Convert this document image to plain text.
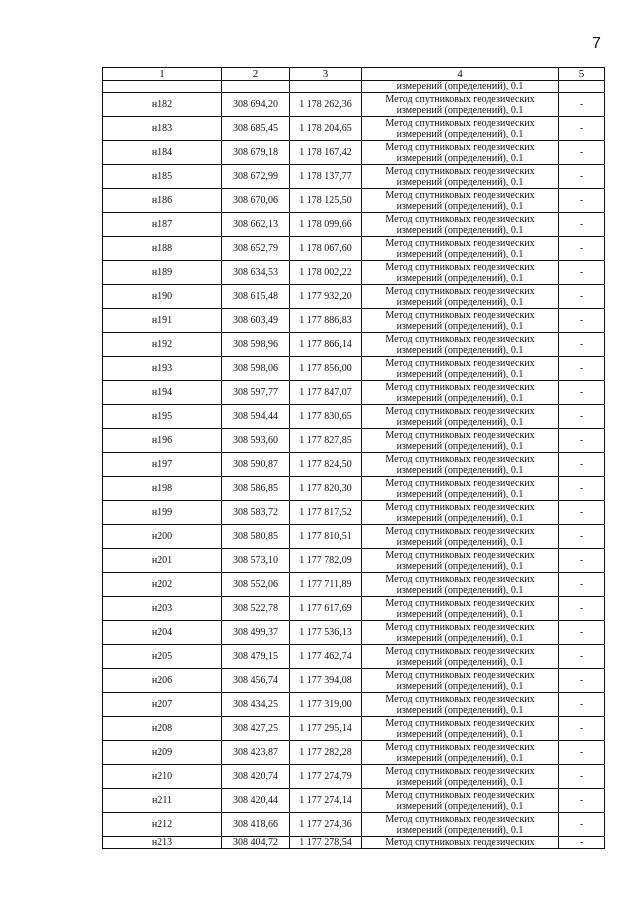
7
1	2	3	4	5
			измерений (определений), 0.1	
н182	308 694,20	1 178 262,36	Метод спутниковых геодезических измерений (определений), 0.1	-
н183	308 685,45	1 178 204,65	Метод спутниковых геодезических измерений (определений), 0.1	-
н184	308 679,18	1 178 167,42	Метод спутниковых геодезических измерений (определений), 0.1	-
н185	308 672,99	1 178 137,77	Метод спутниковых геодезических измерений (определений), 0.1	-
н186	308 670,06	1 178 125,50	Метод спутниковых геодезических измерений (определений), 0.1	-
н187	308 662,13	1 178 099,66	Метод спутниковых геодезических измерений (определений), 0.1	-
н188	308 652,79	1 178 067,60	Метод спутниковых геодезических измерений (определений), 0.1	-
н189	308 634,53	1 178 002,22	Метод спутниковых геодезических измерений (определений), 0.1	-
н190	308 615,48	1 177 932,20	Метод спутниковых геодезических измерений (определений), 0.1	-
н191	308 603,49	1 177 886,83	Метод спутниковых геодезических измерений (определений), 0.1	-
н192	308 598,96	1 177 866,14	Метод спутниковых геодезических измерений (определений), 0.1	-
н193	308 598,06	1 177 856,00	Метод спутниковых геодезических измерений (определений), 0.1	-
н194	308 597,77	1 177 847,07	Метод спутниковых геодезических измерений (определений), 0.1	-
н195	308 594,44	1 177 830,65	Метод спутниковых геодезических измерений (определений), 0.1	-
н196	308 593,60	1 177 827,85	Метод спутниковых геодезических измерений (определений), 0.1	-
н197	308 590,87	1 177 824,50	Метод спутниковых геодезических измерений (определений), 0.1	-
н198	308 586,85	1 177 820,30	Метод спутниковых геодезических измерений (определений), 0.1	-
н199	308 583,72	1 177 817,52	Метод спутниковых геодезических измерений (определений), 0.1	-
н200	308 580,85	1 177 810,51	Метод спутниковых геодезических измерений (определений), 0.1	-
н201	308 573,10	1 177 782,09	Метод спутниковых геодезических измерений (определений), 0.1	-
н202	308 552,06	1 177 711,89	Метод спутниковых геодезических измерений (определений), 0.1	-
н203	308 522,78	1 177 617,69	Метод спутниковых геодезических измерений (определений), 0.1	-
н204	308 499,37	1 177 536,13	Метод спутниковых геодезических измерений (определений), 0.1	-
н205	308 479,15	1 177 462,74	Метод спутниковых геодезических измерений (определений), 0.1	-
н206	308 456,74	1 177 394,08	Метод спутниковых геодезических измерений (определений), 0.1	-
н207	308 434,25	1 177 319,00	Метод спутниковых геодезических измерений (определений), 0.1	-
н208	308 427,25	1 177 295,14	Метод спутниковых геодезических измерений (определений), 0.1	-
н209	308 423,87	1 177 282,28	Метод спутниковых геодезических измерений (определений), 0.1	-
н210	308 420,74	1 177 274,79	Метод спутниковых геодезических измерений (определений), 0.1	-
н211	308 420,44	1 177 274,14	Метод спутниковых геодезических измерений (определений), 0.1	-
н212	308 418,66	1 177 274,36	Метод спутниковых геодезических измерений (определений), 0.1	-
н213	308 404,72	1 177 278,54	Метод спутниковых геодезических	-
